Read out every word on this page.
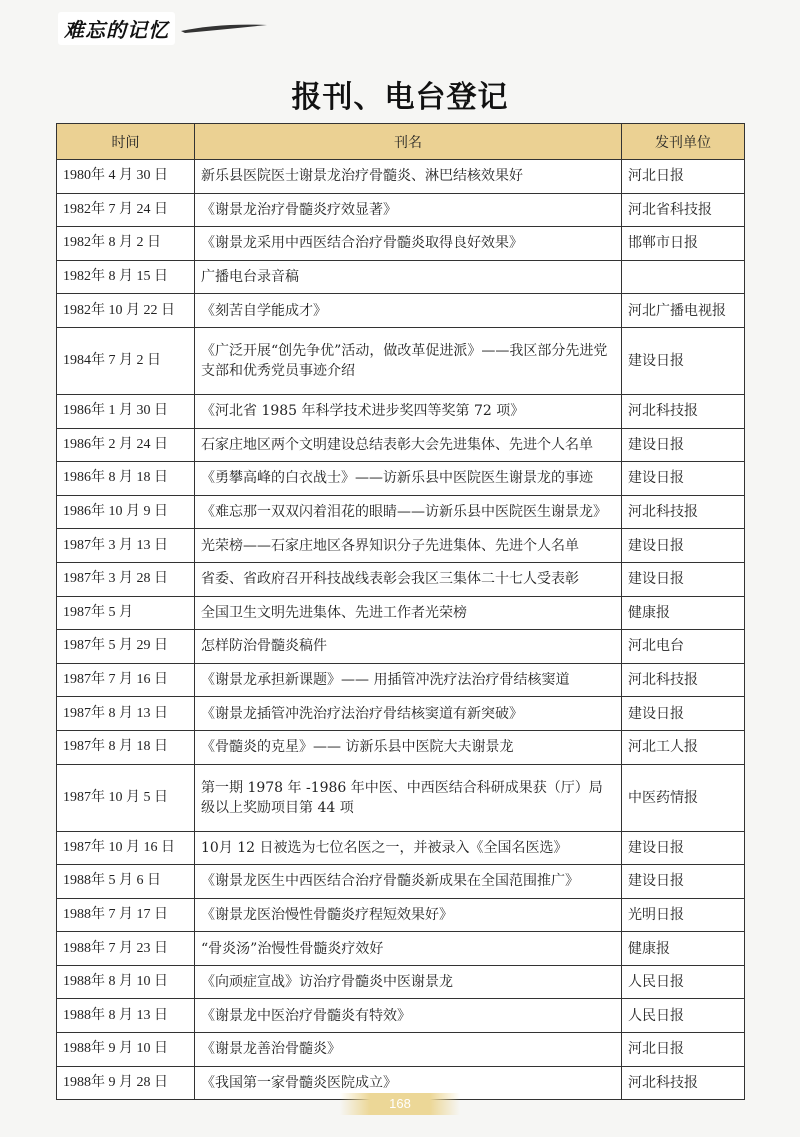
难忘的记忆
报刊、电台登记
时间	刊名	发刊单位
1980年 4 月 30 日	新乐县医院医士谢景龙治疗骨髓炎、淋巴结核效果好	河北日报
1982年 7 月 24 日	《谢景龙治疗骨髓炎疗效显著》	河北省科技报
1982年 8 月 2 日	《谢景龙采用中西医结合治疗骨髓炎取得良好效果》	邯郸市日报
1982年 8 月 15 日	广播电台录音稿	
1982年 10 月 22 日	《刻苦自学能成才》	河北广播电视报
1984年 7 月 2 日	《广泛开展“创先争优”活动，做改革促进派》——我区部分先进党支部和优秀党员事迹介绍	建设日报
1986年 1 月 30 日	《河北省 1985 年科学技术进步奖四等奖第 72 项》	河北科技报
1986年 2 月 24 日	石家庄地区两个文明建设总结表彰大会先进集体、先进个人名单	建设日报
1986年 8 月 18 日	《勇攀高峰的白衣战士》——访新乐县中医院医生谢景龙的事迹	建设日报
1986年 10 月 9 日	《难忘那一双双闪着泪花的眼睛——访新乐县中医院医生谢景龙》	河北科技报
1987年 3 月 13 日	光荣榜——石家庄地区各界知识分子先进集体、先进个人名单	建设日报
1987年 3 月 28 日	省委、省政府召开科技战线表彰会我区三集体二十七人受表彰	建设日报
1987年 5 月	全国卫生文明先进集体、先进工作者光荣榜	健康报
1987年 5 月 29 日	怎样防治骨髓炎稿件	河北电台
1987年 7 月 16 日	《谢景龙承担新课题》—— 用插管冲洗疗法治疗骨结核窦道	河北科技报
1987年 8 月 13 日	《谢景龙插管冲洗治疗法治疗骨结核窦道有新突破》	建设日报
1987年 8 月 18 日	《骨髓炎的克星》—— 访新乐县中医院大夫谢景龙	河北工人报
1987年 10 月 5 日	第一期 1978 年 -1986 年中医、中西医结合科研成果获（厅）局级以上奖励项目第 44 项	中医药情报
1987年 10 月 16 日	10月 12 日被选为七位名医之一，并被录入《全国名医选》	建设日报
1988年 5 月 6 日	《谢景龙医生中西医结合治疗骨髓炎新成果在全国范围推广》	建设日报
1988年 7 月 17 日	《谢景龙医治慢性骨髓炎疗程短效果好》	光明日报
1988年 7 月 23 日	“骨炎汤”治慢性骨髓炎疗效好	健康报
1988年 8 月 10 日	《向顽症宣战》访治疗骨髓炎中医谢景龙	人民日报
1988年 8 月 13 日	《谢景龙中医治疗骨髓炎有特效》	人民日报
1988年 9 月 10 日	《谢景龙善治骨髓炎》	河北日报
1988年 9 月 28 日	《我国第一家骨髓炎医院成立》	河北科技报
168
